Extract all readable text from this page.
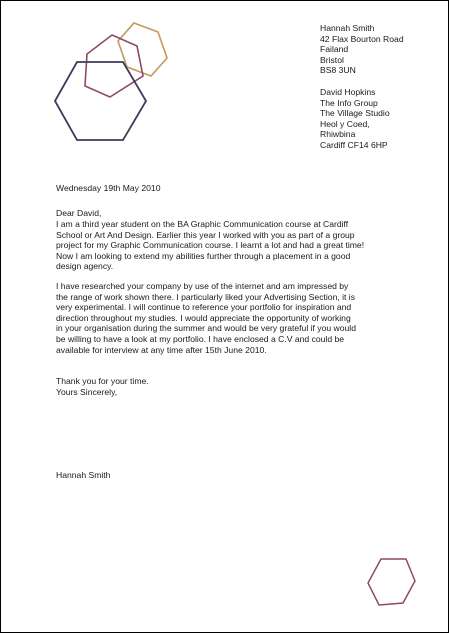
Hannah Smith
42 Flax Bourton Road
Failand
Bristol
BS8 3UN
David Hopkins
The Info Group
The Village Studio
Heol y Coed,
Rhiwbina
Cardiff CF14 6HP
Wednesday 19th May 2010
Dear David,
I am a third year student on the BA Graphic Communication course at Cardiff
School or Art And Design. Earlier this year I worked with you as part of a group
project for my Graphic Communication course. I learnt a lot and had a great time!
Now I am looking to extend my abilities further through a placement in a good
design agency.
I have researched your company by use of the internet and am impressed by
the range of work shown there. I particularly liked your Advertising Section, it is
very experimental. I will continue to reference your portfolio for inspiration and
direction throughout my studies. I would appreciate the opportunity of working
in your organisation during the summer and would be very grateful if you would
be willing to have a look at my portfolio. I have enclosed a C.V and could be
available for interview at any time after 15th June 2010.
Thank you for your time.
Yours Sincerely,
Hannah Smith
